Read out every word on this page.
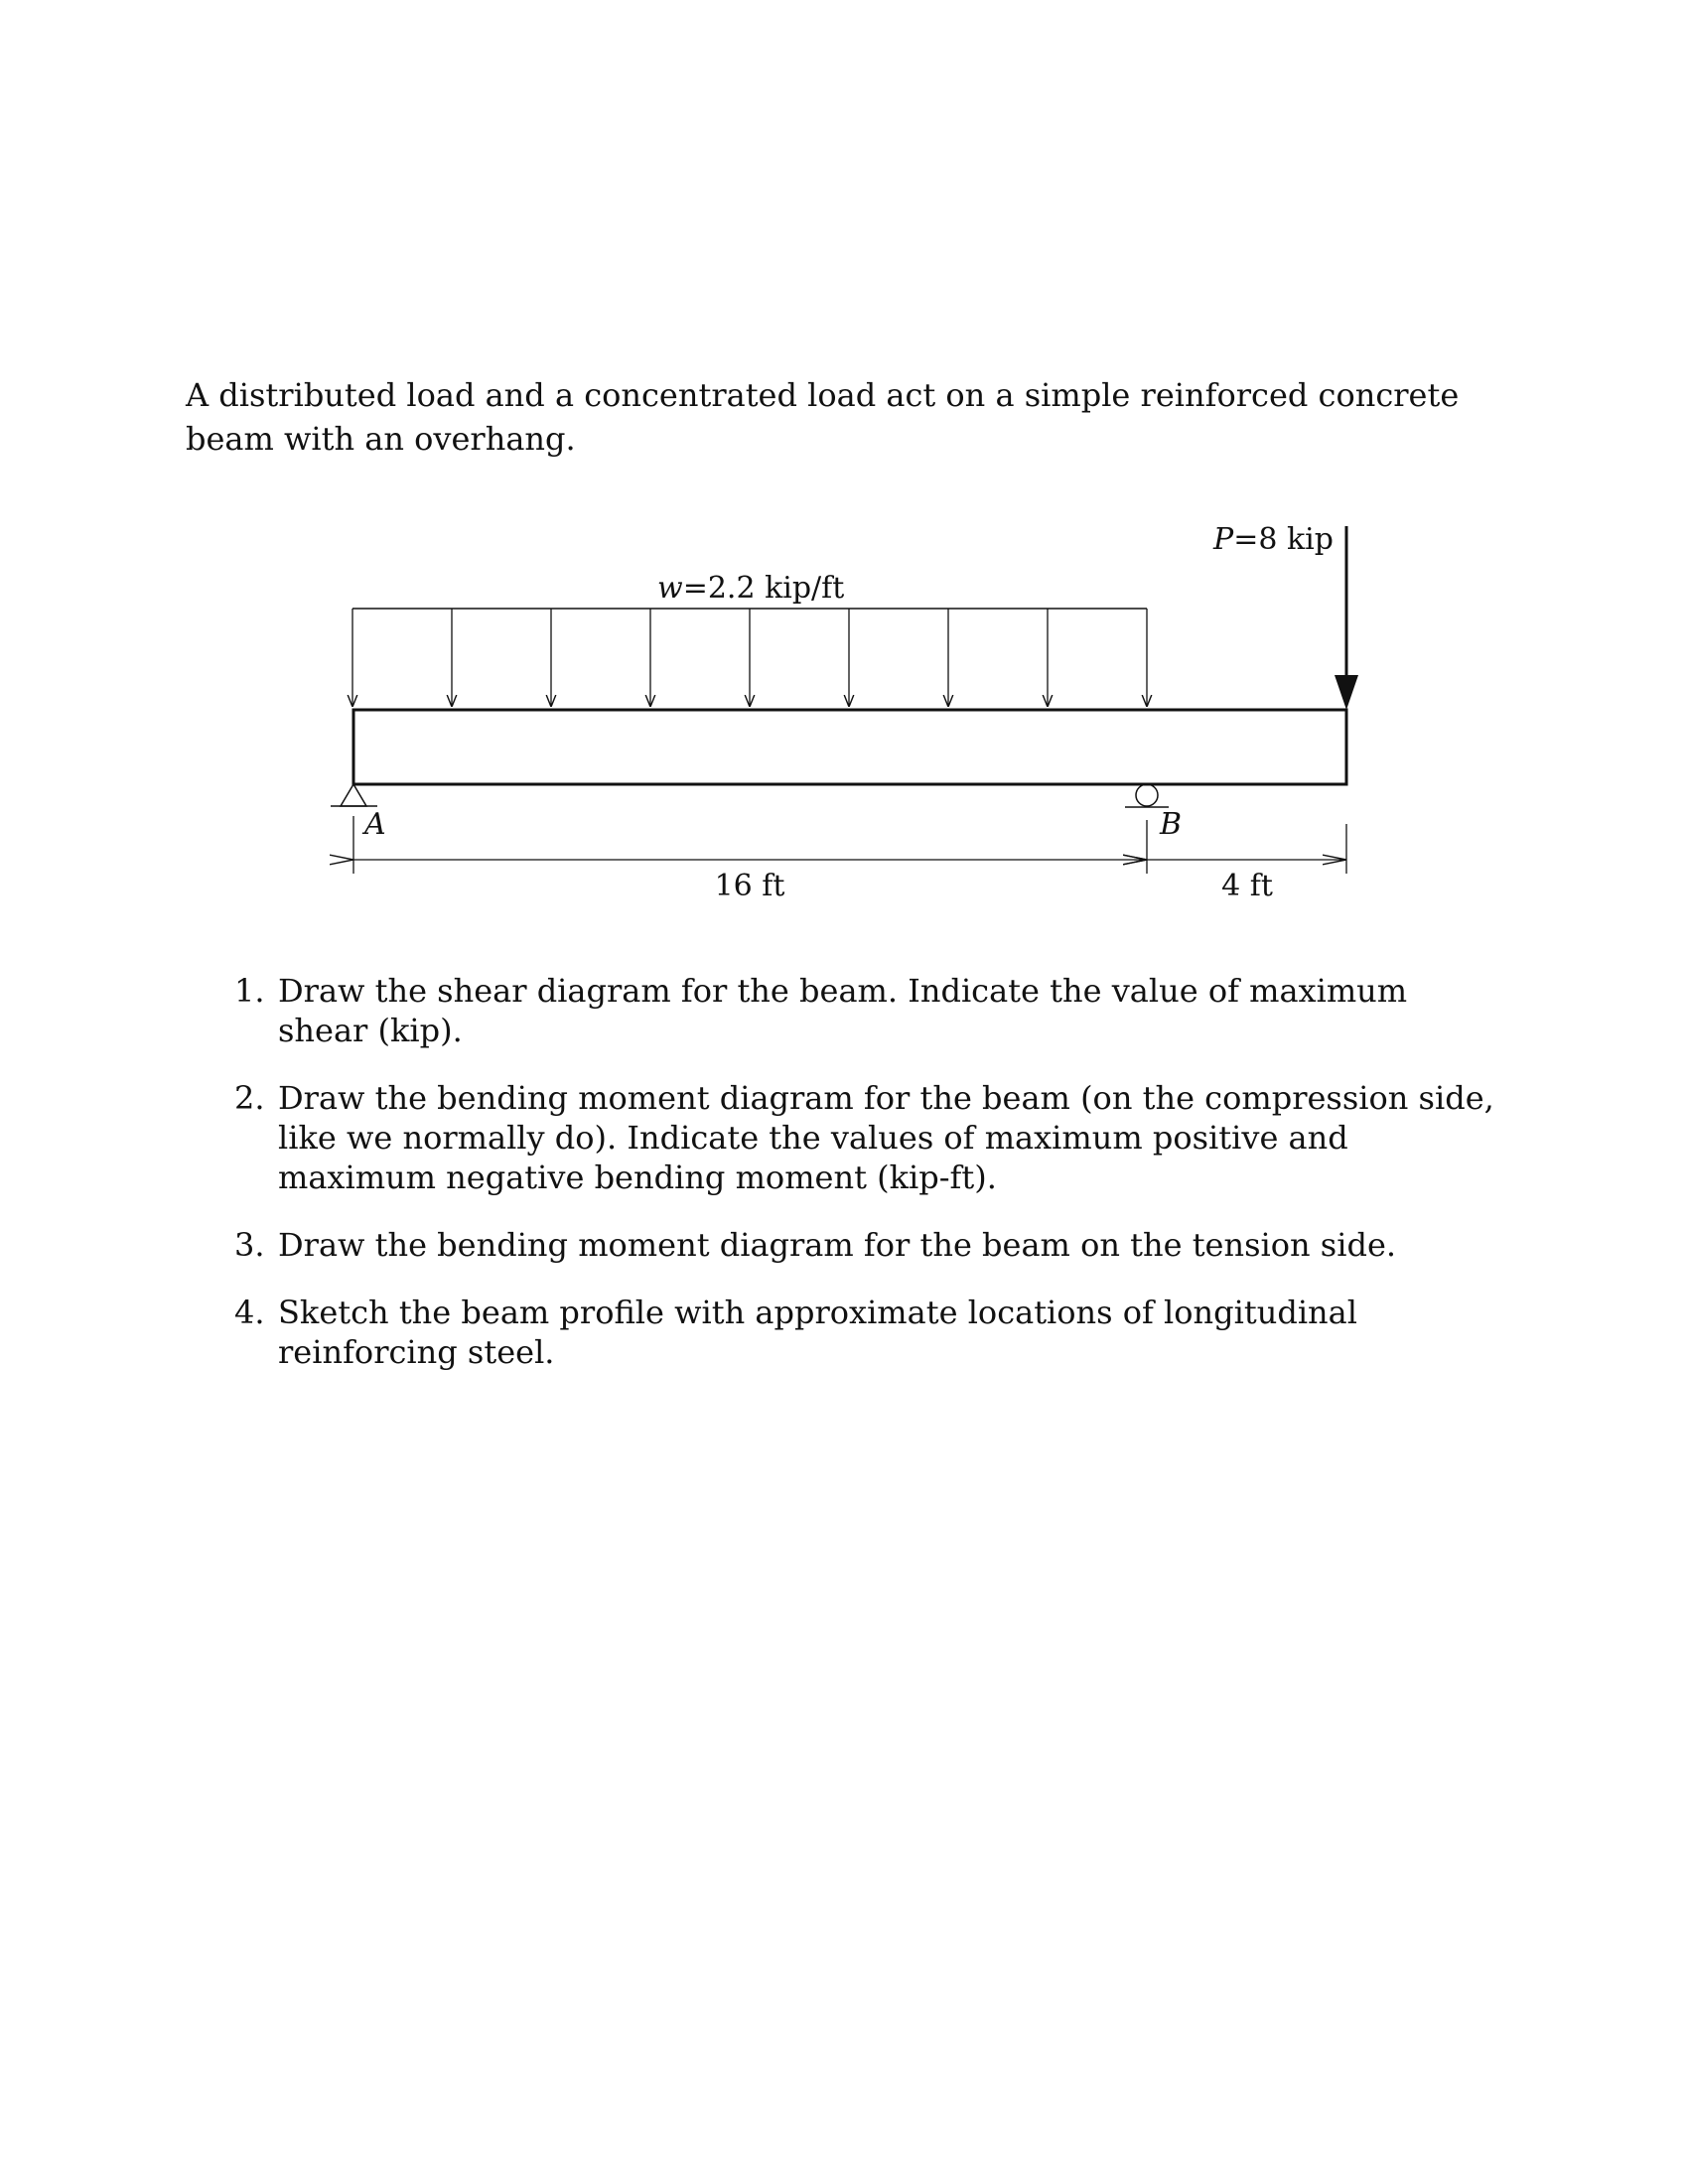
A distributed load and a concentrated load act on a simple reinforced concrete beam with an overhang.

w=2.2 kip/ft
P=8 kip
A	B
16 ft	4 ft
1. Draw the shear diagram for the beam. Indicate the value of maximum shear (kip).
2. Draw the bending moment diagram for the beam (on the compression side, like we normally do). Indicate the values of maximum positive and maximum negative bending moment (kip-ft).
3. Draw the bending moment diagram for the beam on the tension side.
4. Sketch the beam profile with approximate locations of longitudinal reinforcing steel.
